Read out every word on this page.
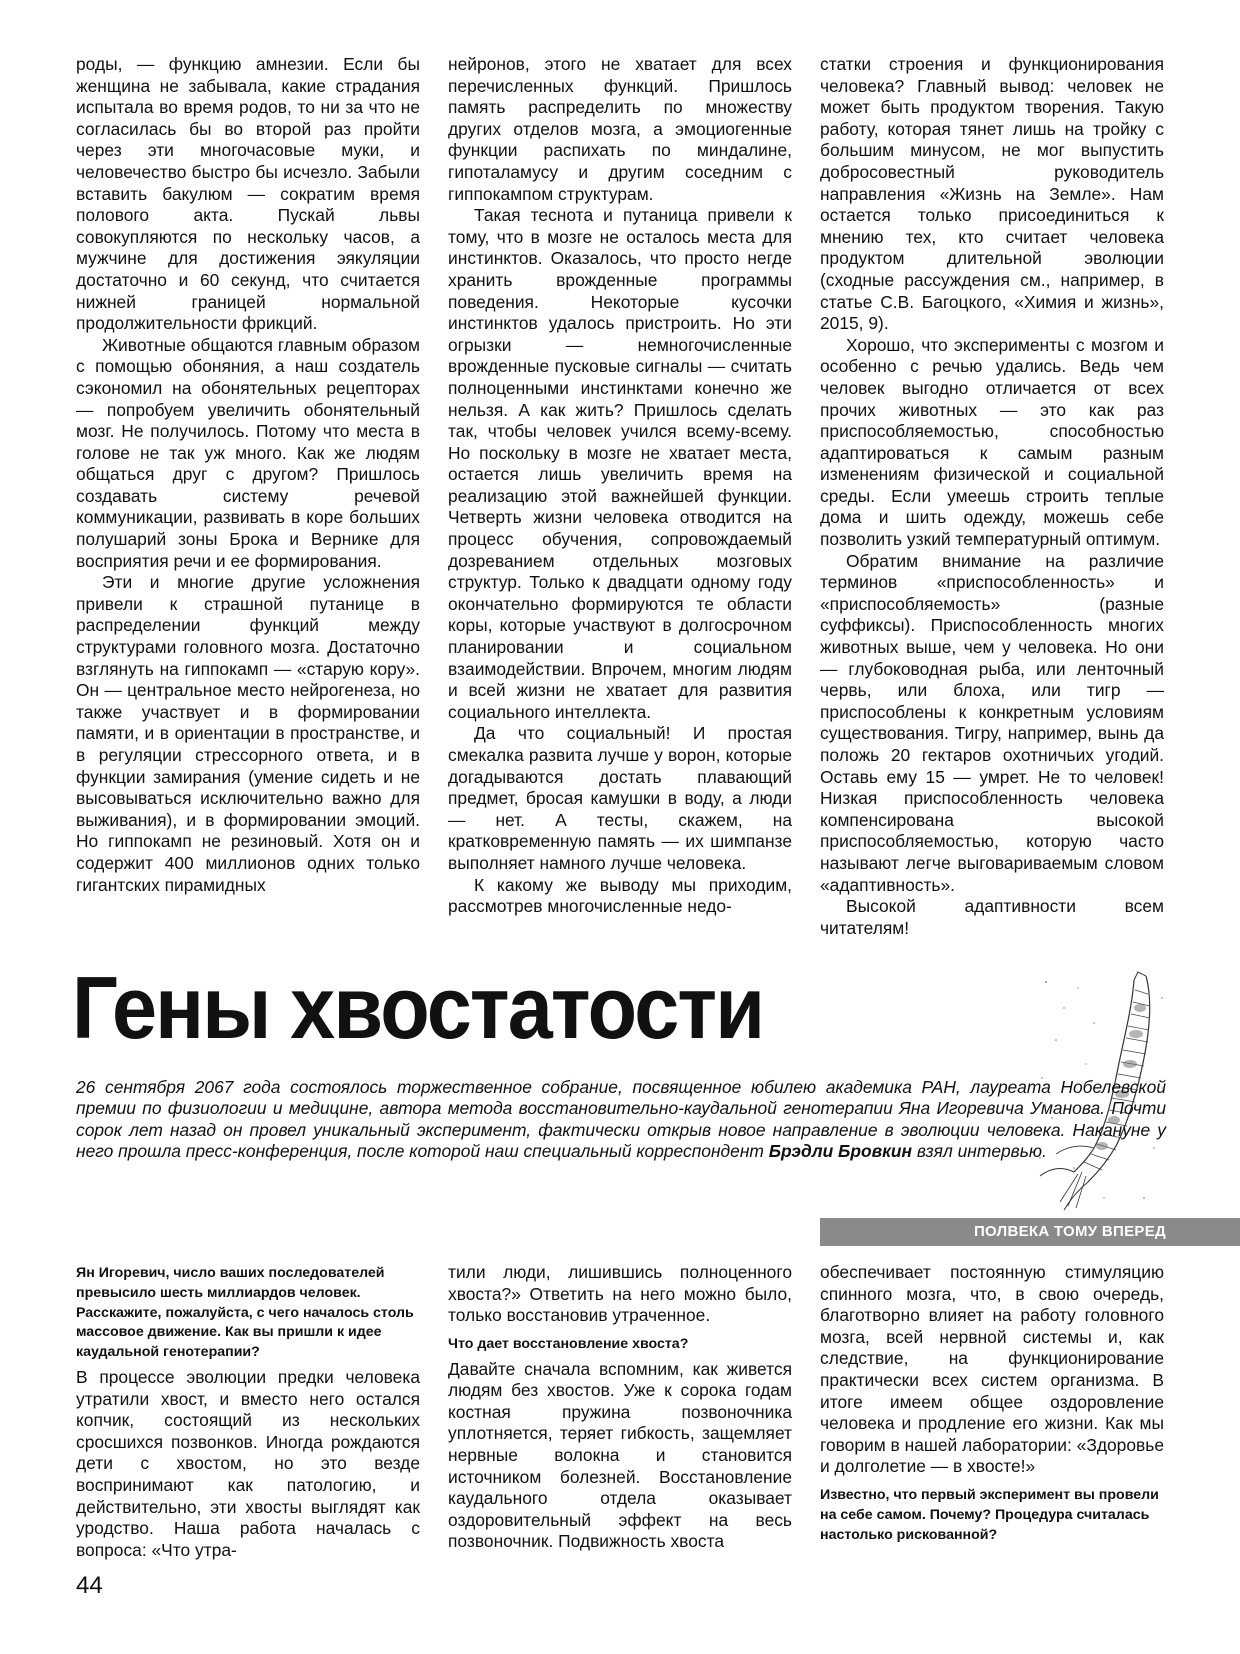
роды, — функцию амнезии. Если бы женщина не забывала, какие страдания испытала во время родов, то ни за что не согласилась бы во второй раз пройти через эти многочасовые муки, и человечество быстро бы исчезло. Забыли вставить бакулюм — сократим время полового акта. Пускай львы совокупляются по нескольку часов, а мужчине для достижения эякуляции достаточно и 60 секунд, что считается нижней границей нормальной продолжительности фрикций.

Животные общаются главным образом с помощью обоняния, а наш создатель сэкономил на обонятельных рецепторах — попробуем увеличить обонятельный мозг. Не получилось. Потому что места в голове не так уж много. Как же людям общаться друг с другом? Пришлось создавать систему речевой коммуникации, развивать в коре больших полушарий зоны Брока и Вернике для восприятия речи и ее формирования.

Эти и многие другие усложнения привели к страшной путанице в распределении функций между структурами головного мозга. Достаточно взглянуть на гиппокамп — «старую кору». Он — центральное место нейрогенеза, но также участвует и в формировании памяти, и в ориентации в пространстве, и в регуляции стрессорного ответа, и в функции замирания (умение сидеть и не высовываться исключительно важно для выживания), и в формировании эмоций. Но гиппокамп не резиновый. Хотя он и содержит 400 миллионов одних только гигантских пирамидных

нейронов, этого не хватает для всех перечисленных функций. Пришлось память распределить по множеству других отделов мозга, а эмоциогенные функции распихать по миндалине, гипоталамусу и другим соседним с гиппокампом структурам.

Такая теснота и путаница привели к тому, что в мозге не осталось места для инстинктов. Оказалось, что просто негде хранить врожденные программы поведения. Некоторые кусочки инстинктов удалось пристроить. Но эти огрызки — немногочисленные врожденные пусковые сигналы — считать полноценными инстинктами конечно же нельзя. А как жить? Пришлось сделать так, чтобы человек учился всему-всему. Но поскольку в мозге не хватает места, остается лишь увеличить время на реализацию этой важнейшей функции. Четверть жизни человека отводится на процесс обучения, сопровождаемый дозреванием отдельных мозговых структур. Только к двадцати одному году окончательно формируются те области коры, которые участвуют в долгосрочном планировании и социальном взаимодействии. Впрочем, многим людям и всей жизни не хватает для развития социального интеллекта.

Да что социальный! И простая смекалка развита лучше у ворон, которые догадываются достать плавающий предмет, бросая камушки в воду, а люди — нет. А тесты, скажем, на кратковременную память — их шимпанзе выполняет намного лучше человека.

К какому же выводу мы приходим, рассмотрев многочисленные недо-

статки строения и функционирования человека? Главный вывод: человек не может быть продуктом творения. Такую работу, которая тянет лишь на тройку с большим минусом, не мог выпустить добросовестный руководитель направления «Жизнь на Земле». Нам остается только присоединиться к мнению тех, кто считает человека продуктом длительной эволюции (сходные рассуждения см., например, в статье С.В. Багоцкого, «Химия и жизнь», 2015, 9).

Хорошо, что эксперименты с мозгом и особенно с речью удались. Ведь чем человек выгодно отличается от всех прочих животных — это как раз приспособляемостью, способностью адаптироваться к самым разным изменениям физической и социальной среды. Если умеешь строить теплые дома и шить одежду, можешь себе позволить узкий температурный оптимум.

Обратим внимание на различие терминов «приспособленность» и «приспособляемость» (разные суффиксы). Приспособленность многих животных выше, чем у человека. Но они — глубоководная рыба, или ленточный червь, или блоха, или тигр — приспособлены к конкретным условиям существования. Тигру, например, вынь да положь 20 гектаров охотничьих угодий. Оставь ему 15 — умрет. Не то человек! Низкая приспособленность человека компенсирована высокой приспособляемостью, которую часто называют легче выговариваемым словом «адаптивность».

Высокой адаптивности всем читателям!

Гены хвостатости

26 сентября 2067 года состоялось торжественное собрание, посвященное юбилею академика РАН, лауреата Нобелевской премии по физиологии и медицине, автора метода восстановительно-каудальной генотерапии Яна Игоревича Уманова. Почти сорок лет назад он провел уникальный эксперимент, фактически открыв новое направление в эволюции человека. Накануне у него прошла пресс-конференция, после которой наш специальный корреспондент Брэдли Бровкин взял интервью.

ПОЛВЕКА ТОМУ ВПЕРЕД

Ян Игоревич, число ваших последователей превысило шесть миллиардов человек. Расскажите, пожалуйста, с чего началось столь массовое движение. Как вы пришли к идее каудальной генотерапии?

В процессе эволюции предки человека утратили хвост, и вместо него остался копчик, состоящий из нескольких сросшихся позвонков. Иногда рождаются дети с хвостом, но это везде воспринимают как патологию, и действительно, эти хвосты выглядят как уродство. Наша работа началась с вопроса: «Что утра-

тили люди, лишившись полноценного хвоста?» Ответить на него можно было, только восстановив утраченное.

Что дает восстановление хвоста?

Давайте сначала вспомним, как живется людям без хвостов. Уже к сорока годам костная пружина позвоночника уплотняется, теряет гибкость, защемляет нервные волокна и становится источником болезней. Восстановление каудального отдела оказывает оздоровительный эффект на весь позвоночник. Подвижность хвоста

обеспечивает постоянную стимуляцию спинного мозга, что, в свою очередь, благотворно влияет на работу головного мозга, всей нервной системы и, как следствие, на функционирование практически всех систем организма. В итоге имеем общее оздоровление человека и продление его жизни. Как мы говорим в нашей лаборатории: «Здоровье и долголетие — в хвосте!»

Известно, что первый эксперимент вы провели на себе самом. Почему? Процедура считалась настолько рискованной?

44
